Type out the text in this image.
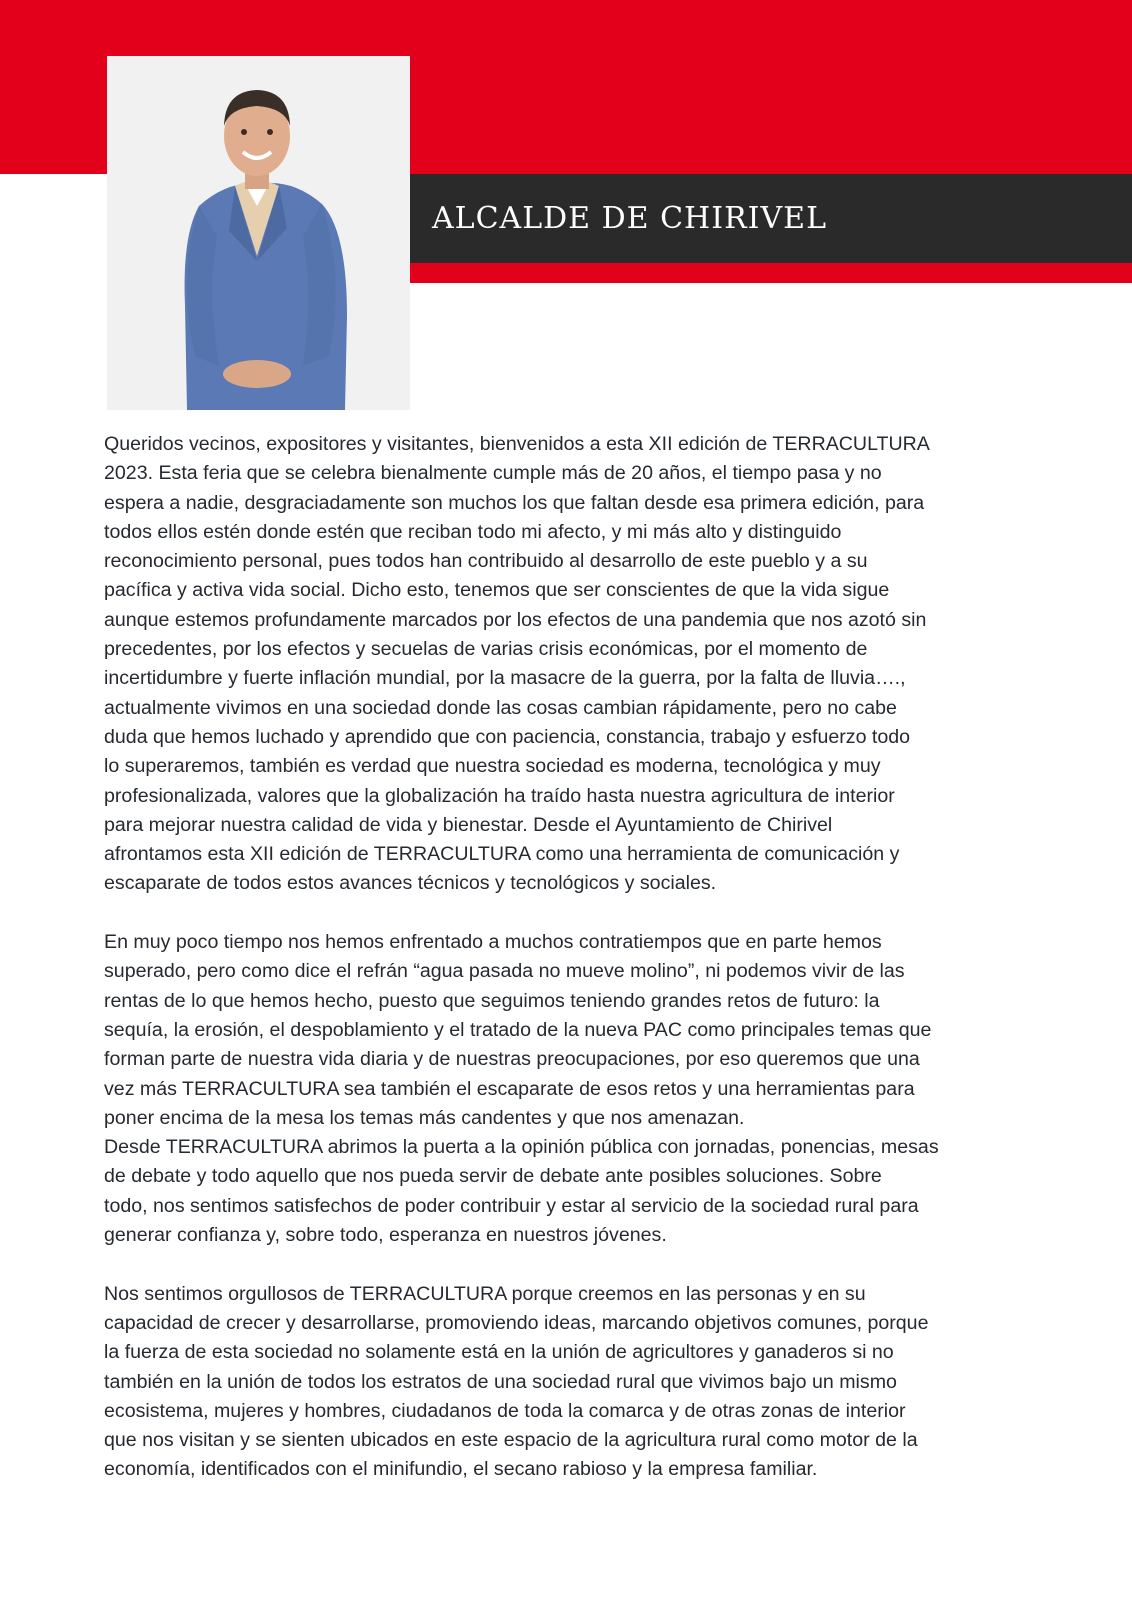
ALCALDE DE CHIRIVEL

Queridos vecinos, expositores y visitantes, bienvenidos a esta XII edición de TERRACULTURA

2023. Esta feria que se celebra bienalmente cumple más de 20 años, el tiempo pasa y no

espera a nadie, desgraciadamente son muchos los que faltan desde esa primera edición, para

todos ellos estén donde estén que reciban todo mi afecto, y mi más alto y distinguido

reconocimiento personal, pues todos han contribuido al desarrollo de este pueblo y a su

pacífica y activa vida social. Dicho esto, tenemos que ser conscientes de que la vida sigue

aunque estemos profundamente marcados por los efectos de una pandemia que nos azotó sin

precedentes, por los efectos y secuelas de varias crisis económicas, por el momento de

incertidumbre y fuerte inflación mundial, por la masacre de la guerra, por la falta de lluvia….,

actualmente vivimos en una sociedad donde las cosas cambian rápidamente, pero no cabe

duda que hemos luchado y aprendido que con paciencia, constancia, trabajo y esfuerzo todo

lo superaremos, también es verdad que nuestra sociedad es moderna, tecnológica y muy

profesionalizada, valores que la globalización ha traído hasta nuestra agricultura de interior

para mejorar nuestra calidad de vida y bienestar. Desde el Ayuntamiento de Chirivel

afrontamos esta XII edición de TERRACULTURA como una herramienta de comunicación y

escaparate de todos estos avances técnicos y tecnológicos y sociales.

En muy poco tiempo nos hemos enfrentado a muchos contratiempos que en parte hemos

superado, pero como dice el refrán “agua pasada no mueve molino”, ni podemos vivir de las

rentas de lo que hemos hecho, puesto que seguimos teniendo grandes retos de futuro: la

sequía, la erosión, el despoblamiento y el tratado de la nueva PAC como principales temas que

forman parte de nuestra vida diaria y de nuestras preocupaciones, por eso queremos que una

vez más TERRACULTURA sea también el escaparate de esos retos y una herramientas para

poner encima de la mesa los temas más candentes y que nos amenazan.

Desde TERRACULTURA abrimos la puerta a la opinión pública con jornadas, ponencias, mesas

de debate y todo aquello que nos pueda servir de debate ante posibles soluciones. Sobre

todo, nos sentimos satisfechos de poder contribuir y estar al servicio de la sociedad rural para

generar confianza y, sobre todo, esperanza en nuestros jóvenes.

Nos sentimos orgullosos de TERRACULTURA porque creemos en las personas y en su

capacidad de crecer y desarrollarse, promoviendo ideas, marcando objetivos comunes, porque

la fuerza de esta sociedad no solamente está en la unión de agricultores y ganaderos si no

también en la unión de todos los estratos de una sociedad rural que vivimos bajo un mismo

ecosistema, mujeres y hombres, ciudadanos de toda la comarca y de otras zonas de interior

que nos visitan y se sienten ubicados en este espacio de la agricultura rural como motor de la

economía, identificados con el minifundio, el secano rabioso y la empresa familiar.
